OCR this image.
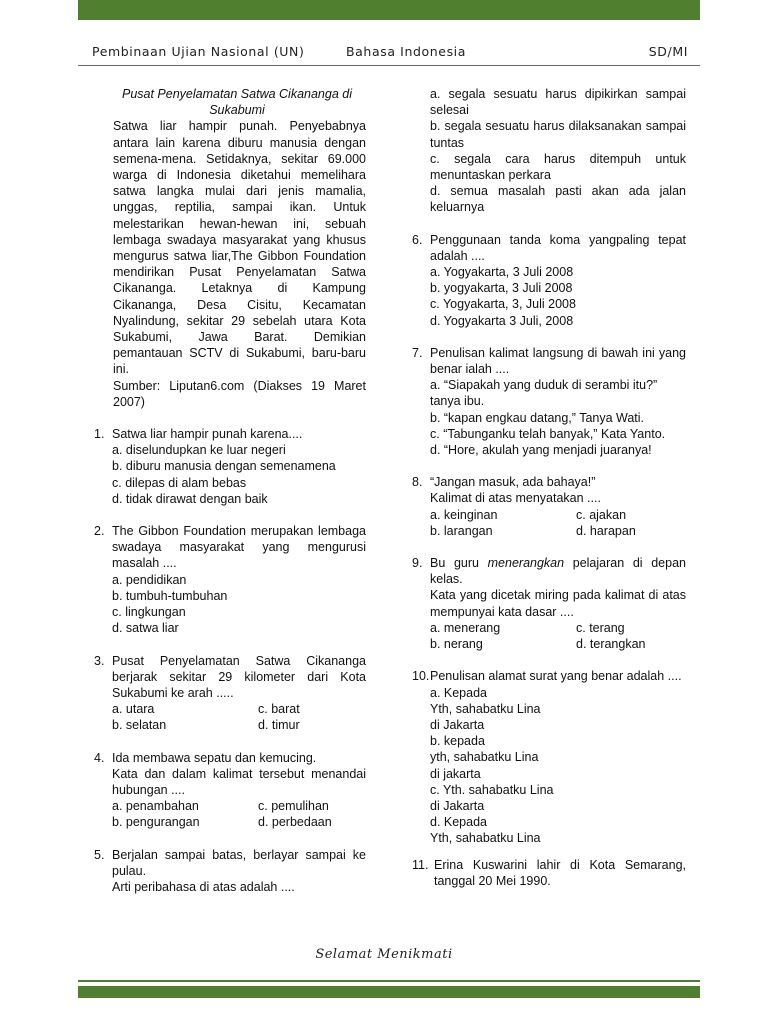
Pembinaan Ujian Nasional (UN)	Bahasa Indonesia	SD/MI
Pusat Penyelamatan Satwa Cikananga di Sukabumi
Satwa liar hampir punah. Penyebabnya antara lain karena diburu manusia dengan semena-mena. Setidaknya, sekitar 69.000 warga di Indonesia diketahui memelihara satwa langka mulai dari jenis mamalia, unggas, reptilia, sampai ikan. Untuk melestarikan hewan-hewan ini, sebuah lembaga swadaya masyarakat yang khusus mengurus satwa liar,The Gibbon Foundation mendirikan Pusat Penyelamatan Satwa Cikananga. Letaknya di Kampung Cikananga, Desa Cisitu, Kecamatan Nyalindung, sekitar 29 sebelah utara Kota Sukabumi, Jawa Barat. Demikian pemantauan SCTV di Sukabumi, baru-baru ini.
Sumber: Liputan6.com (Diakses 19 Maret 2007)
1. Satwa liar hampir punah karena....
a. diselundupkan ke luar negeri
b. diburu manusia dengan semenamena
c. dilepas di alam bebas
d. tidak dirawat dengan baik
2. The Gibbon Foundation merupakan lembaga swadaya masyarakat yang mengurusi masalah ....
a. pendidikan
b. tumbuh-tumbuhan
c. lingkungan
d. satwa liar
3. Pusat Penyelamatan Satwa Cikananga berjarak sekitar 29 kilometer dari Kota Sukabumi ke arah .....
a. utara	c. barat
b. selatan	d. timur
4. Ida membawa sepatu dan kemucing.
Kata dan dalam kalimat tersebut menandai hubungan ....
a. penambahan	c. pemulihan
b. pengurangan	d. perbedaan
5. Berjalan sampai batas, berlayar sampai ke pulau.
Arti peribahasa di atas adalah ....
a. segala sesuatu harus dipikirkan sampai selesai
b. segala sesuatu harus dilaksanakan sampai tuntas
c. segala cara harus ditempuh untuk menuntaskan perkara
d. semua masalah pasti akan ada jalan keluarnya
6. Penggunaan tanda koma yangpaling tepat adalah ....
a. Yogyakarta, 3 Juli 2008
b. yogyakarta, 3 Juli 2008
c. Yogyakarta, 3, Juli 2008
d. Yogyakarta 3 Juli, 2008
7. Penulisan kalimat langsung di bawah ini yang benar ialah ....
a. “Siapakah yang duduk di serambi itu?” tanya ibu.
b. “kapan engkau datang,” Tanya Wati.
c. “Tabunganku telah banyak,” Kata Yanto.
d. “Hore, akulah yang menjadi juaranya!
8. “Jangan masuk, ada bahaya!”
Kalimat di atas menyatakan ....
a. keinginan	c. ajakan
b. larangan	d. harapan
9. Bu guru menerangkan pelajaran di depan kelas.
Kata yang dicetak miring pada kalimat di atas mempunyai kata dasar ....
a. menerang	c. terang
b. nerang	d. terangkan
10. Penulisan alamat surat yang benar adalah ....
a. Kepada
Yth, sahabatku Lina
di Jakarta
b. kepada
yth, sahabatku Lina
di jakarta
c. Yth. sahabatku Lina
di Jakarta
d. Kepada
Yth, sahabatku Lina
11. Erina Kuswarini lahir di Kota Semarang, tanggal 20 Mei 1990.
Selamat Menikmati
